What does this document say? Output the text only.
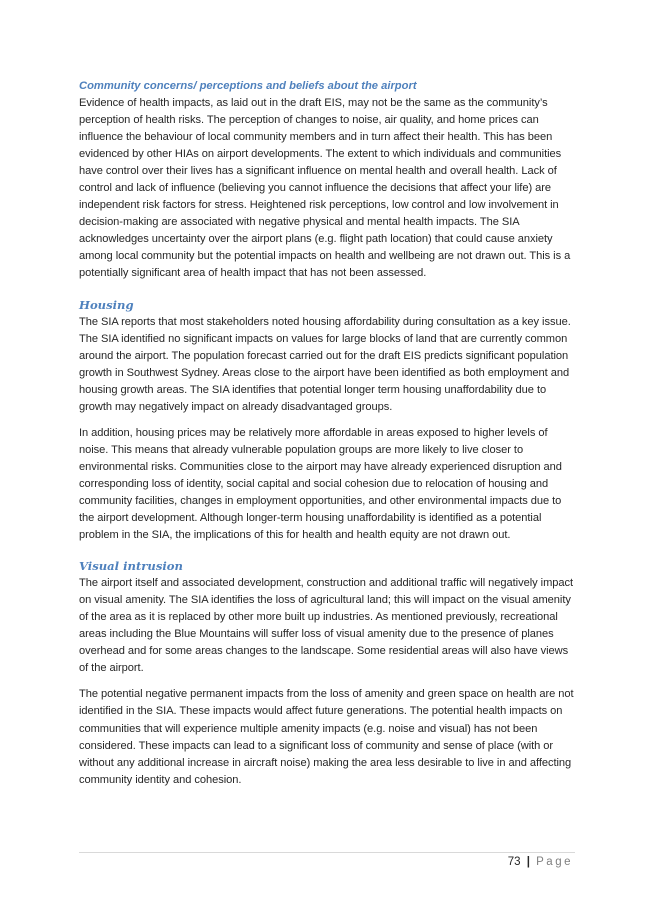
Community concerns/ perceptions and beliefs about the airport

Evidence of health impacts, as laid out in the draft EIS, may not be the same as the community’s perception of health risks. The perception of changes to noise, air quality, and home prices can influence the behaviour of local community members and in turn affect their health. This has been evidenced by other HIAs on airport developments. The extent to which individuals and communities have control over their lives has a significant influence on mental health and overall health. Lack of control and lack of influence (believing you cannot influence the decisions that affect your life) are independent risk factors for stress. Heightened risk perceptions, low control and low involvement in decision-making are associated with negative physical and mental health impacts. The SIA acknowledges uncertainty over the airport plans (e.g. flight path location) that could cause anxiety among local community but the potential impacts on health and wellbeing are not drawn out. This is a potentially significant area of health impact that has not been assessed.

Housing

The SIA reports that most stakeholders noted housing affordability during consultation as a key issue. The SIA identified no significant impacts on values for large blocks of land that are currently common around the airport. The population forecast carried out for the draft EIS predicts significant population growth in Southwest Sydney. Areas close to the airport have been identified as both employment and housing growth areas. The SIA identifies that potential longer term housing unaffordability due to growth may negatively impact on already disadvantaged groups.

In addition, housing prices may be relatively more affordable in areas exposed to higher levels of noise. This means that already vulnerable population groups are more likely to live closer to environmental risks. Communities close to the airport may have already experienced disruption and corresponding loss of identity, social capital and social cohesion due to relocation of housing and community facilities, changes in employment opportunities, and other environmental impacts due to the airport development. Although longer-term housing unaffordability is identified as a potential problem in the SIA, the implications of this for health and health equity are not drawn out.

Visual intrusion

The airport itself and associated development, construction and additional traffic will negatively impact on visual amenity. The SIA identifies the loss of agricultural land; this will impact on the visual amenity of the area as it is replaced by other more built up industries. As mentioned previously, recreational areas including the Blue Mountains will suffer loss of visual amenity due to the presence of planes overhead and for some areas changes to the landscape. Some residential areas will also have views of the airport.

The potential negative permanent impacts from the loss of amenity and green space on health are not identified in the SIA. These impacts would affect future generations. The potential health impacts on communities that will experience multiple amenity impacts (e.g. noise and visual) has not been considered. These impacts can lead to a significant loss of community and sense of place (with or without any additional increase in aircraft noise) making the area less desirable to live in and affecting community identity and cohesion.

73 | Page
